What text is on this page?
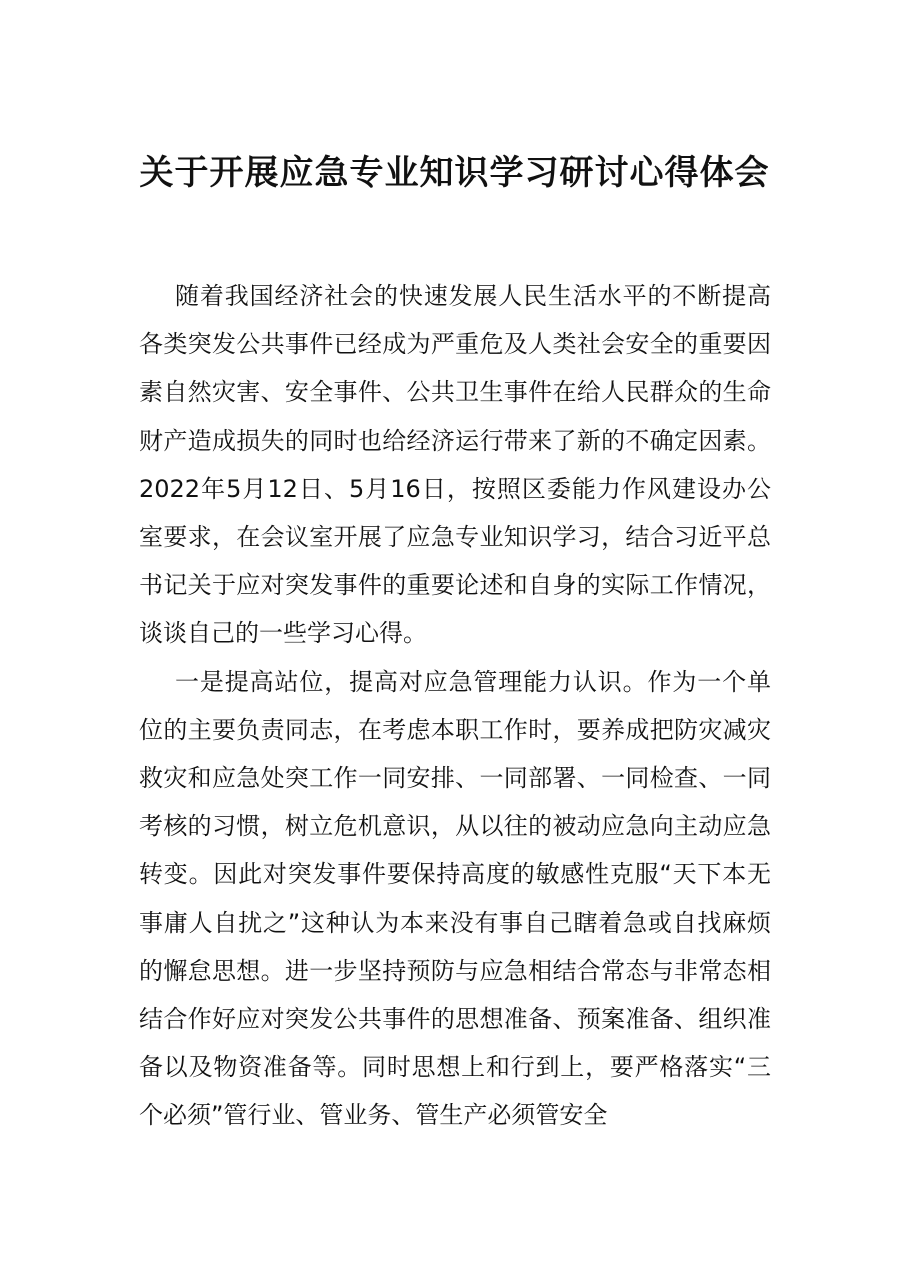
关于开展应急专业知识学习研讨心得体会

随着我国经济社会的快速发展人民生活水平的不断提高各类突发公共事件已经成为严重危及人类社会安全的重要因素自然灾害、安全事件、公共卫生事件在给人民群众的生命财产造成损失的同时也给经济运行带来了新的不确定因素。2022年5月12日、5月16日，按照区委能力作风建设办公室要求，在会议室开展了应急专业知识学习，结合习近平总书记关于应对突发事件的重要论述和自身的实际工作情况，谈谈自己的一些学习心得。

一是提高站位，提高对应急管理能力认识。作为一个单位的主要负责同志，在考虑本职工作时，要养成把防灾减灾救灾和应急处突工作一同安排、一同部署、一同检查、一同考核的习惯，树立危机意识，从以往的被动应急向主动应急转变。因此对突发事件要保持高度的敏感性克服“天下本无事庸人自扰之”这种认为本来没有事自己瞎着急或自找麻烦的懈怠思想。进一步坚持预防与应急相结合常态与非常态相结合作好应对突发公共事件的思想准备、预案准备、组织准备以及物资准备等。同时思想上和行到上，要严格落实“三个必须”管行业、管业务、管生产必须管安全
